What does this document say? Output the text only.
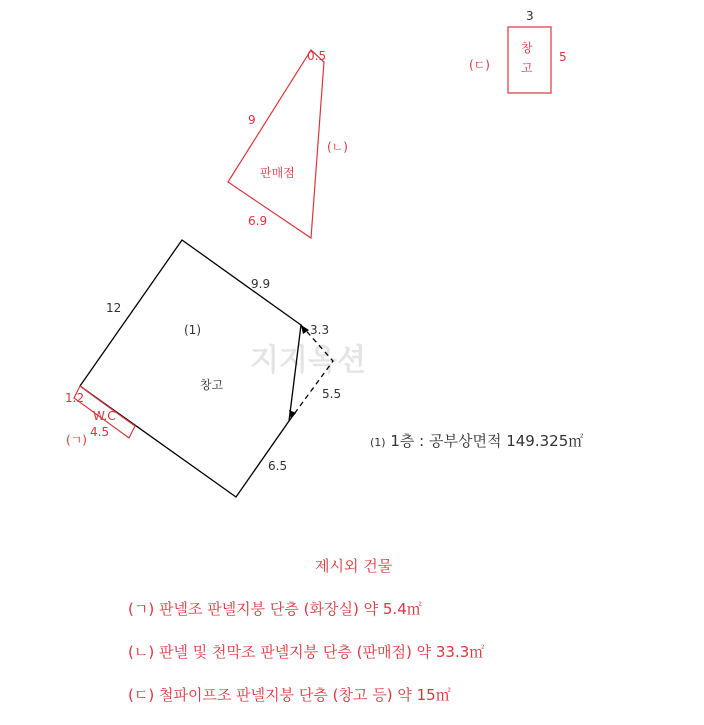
지지옥션
(1)
창고
12
9.9
3.3
5.5
6.5
W.C
1.2
4.5
(ㄱ)
0.5
9
(ㄴ)
판매점
6.9
3
창
고
5
(ㄷ)
(1) 1층 : 공부상면적 149.325㎡
제시외 건물
(ㄱ) 판넬조 판넬지붕 단층 (화장실) 약 5.4㎡
(ㄴ) 판넬 및 천막조 판넬지붕 단층 (판매점) 약 33.3㎡
(ㄷ) 철파이프조 판넬지붕 단층 (창고 등) 약 15㎡
